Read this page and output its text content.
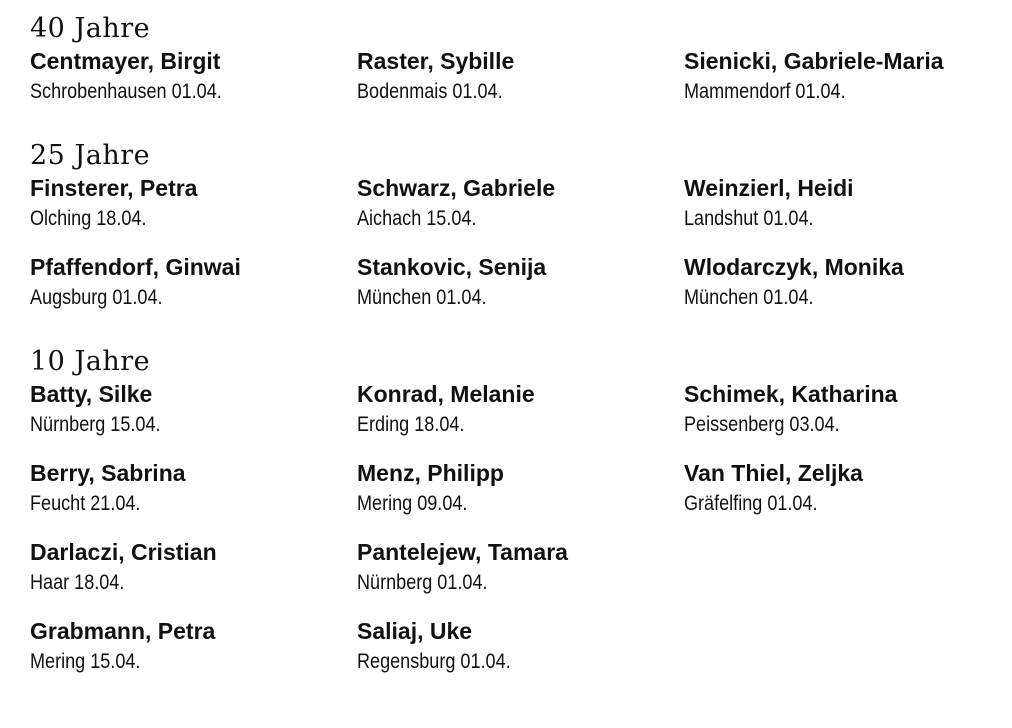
40 Jahre
Centmayer, Birgit
Schrobenhausen 01.04.
Raster, Sybille
Bodenmais 01.04.
Sienicki, Gabriele-Maria
Mammendorf 01.04.
25 Jahre
Finsterer, Petra
Olching 18.04.
Pfaffendorf, Ginwai
Augsburg 01.04.
Schwarz, Gabriele
Aichach 15.04.
Stankovic, Senija
München 01.04.
Weinzierl, Heidi
Landshut 01.04.
Wlodarczyk, Monika
München 01.04.
10 Jahre
Batty, Silke
Nürnberg 15.04.
Berry, Sabrina
Feucht 21.04.
Darlaczi, Cristian
Haar 18.04.
Grabmann, Petra
Mering 15.04.
Konrad, Melanie
Erding 18.04.
Menz, Philipp
Mering 09.04.
Pantelejew, Tamara
Nürnberg 01.04.
Saliaj, Uke
Regensburg 01.04.
Schimek, Katharina
Peissenberg 03.04.
Van Thiel, Zeljka
Gräfelfing 01.04.
